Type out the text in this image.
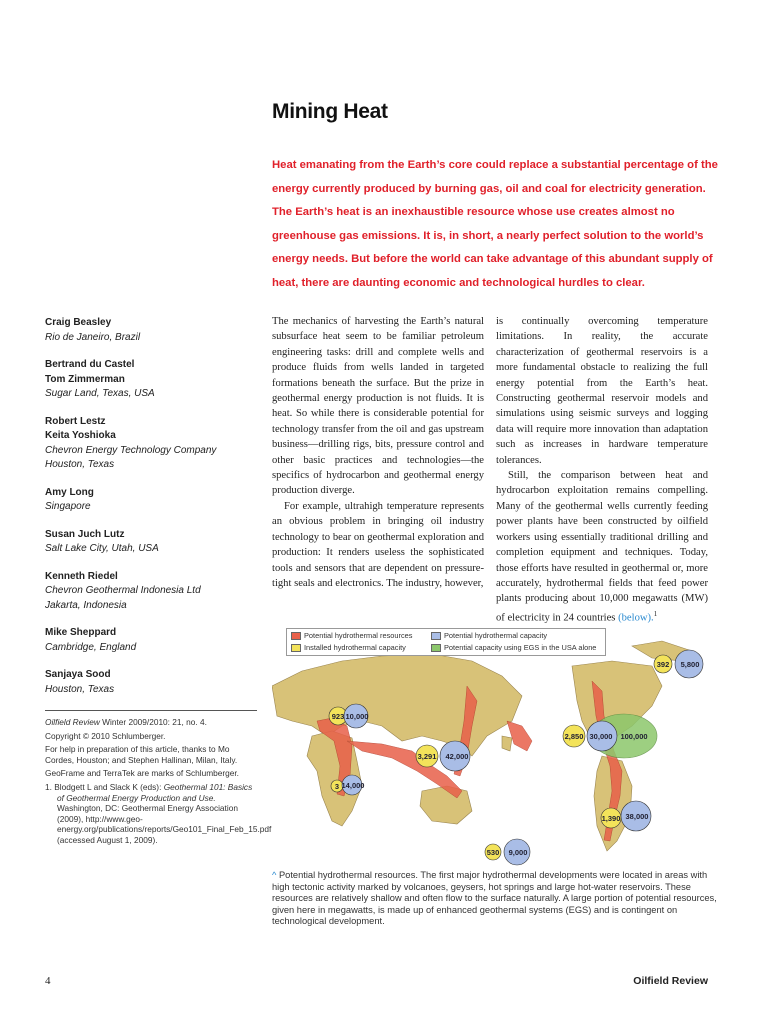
Mining Heat
Heat emanating from the Earth’s core could replace a substantial percentage of the energy currently produced by burning gas, oil and coal for electricity generation. The Earth’s heat is an inexhaustible resource whose use creates almost no greenhouse gas emissions. It is, in short, a nearly perfect solution to the world’s energy needs. But before the world can take advantage of this abundant supply of heat, there are daunting economic and technological hurdles to clear.
Craig Beasley
Rio de Janeiro, Brazil
Bertrand du Castel
Tom Zimmerman
Sugar Land, Texas, USA
Robert Lestz
Keita Yoshioka
Chevron Energy Technology Company
Houston, Texas
Amy Long
Singapore
Susan Juch Lutz
Salt Lake City, Utah, USA
Kenneth Riedel
Chevron Geothermal Indonesia Ltd
Jakarta, Indonesia
Mike Sheppard
Cambridge, England
Sanjaya Sood
Houston, Texas

Oilfield Review Winter 2009/2010: 21, no. 4.

Copyright © 2010 Schlumberger.

For help in preparation of this article, thanks to Mo Cordes, Houston; and Stephen Hallinan, Milan, Italy.

GeoFrame and TerraTek are marks of Schlumberger.

1. Blodgett L and Slack K (eds): Geothermal 101: Basics of Geothermal Energy Production and Use. Washington, DC: Geothermal Energy Association (2009), http://www.geo-energy.org/publications/reports/Geo101_Final_Feb_15.pdf (accessed August 1, 2009).

The mechanics of harvesting the Earth’s natural subsurface heat seem to be familiar petroleum engineering tasks: drill and complete wells and produce fluids from wells landed in targeted formations beneath the surface. But the prize in geothermal energy production is not fluids. It is heat. So while there is considerable potential for technology transfer from the oil and gas upstream business—drilling rigs, bits, pressure control and other basic practices and technologies—the specifics of hydrocarbon and geothermal energy production diverge.

For example, ultrahigh temperature represents an obvious problem in bringing oil industry technology to bear on geothermal exploration and production: It renders useless the sophisticated tools and sensors that are dependent on pressure-tight seals and electronics. The industry, however,

is continually overcoming temperature limitations. In reality, the accurate characterization of geothermal reservoirs is a more fundamental obstacle to realizing the full energy potential from the Earth’s heat. Constructing geothermal reservoir models and simulations using seismic surveys and logging data will require more innovation than adaptation such as increases in hardware temperature tolerances.

Still, the comparison between heat and hydrocarbon exploitation remains compelling. Many of the geothermal wells currently feeding power plants have been constructed by oilfield workers using essentially traditional drilling and completion equipment and techniques. Today, those efforts have resulted in geothermal or, more accurately, hydrothermal fields that feed power plants producing about 10,000 megawatts (MW) of electricity in 24 countries (below).$^1$

923 10,000
3 14,000
3,291 42,000
2,850 30,000 100,000
392 5,800
1,390 38,000
530 9,000
Potential hydrothermal resources	Potential hydrothermal capacity
Installed hydrothermal capacity	Potential capacity using EGS in the USA alone
^ Potential hydrothermal resources. The first major hydrothermal developments were located in areas with high tectonic activity marked by volcanoes, geysers, hot springs and large hot-water reservoirs. These resources are relatively shallow and often flow to the surface naturally. A large portion of potential resources, given here in megawatts, is made up of enhanced geothermal systems (EGS) and is contingent on technological development.
4	Oilfield Review
